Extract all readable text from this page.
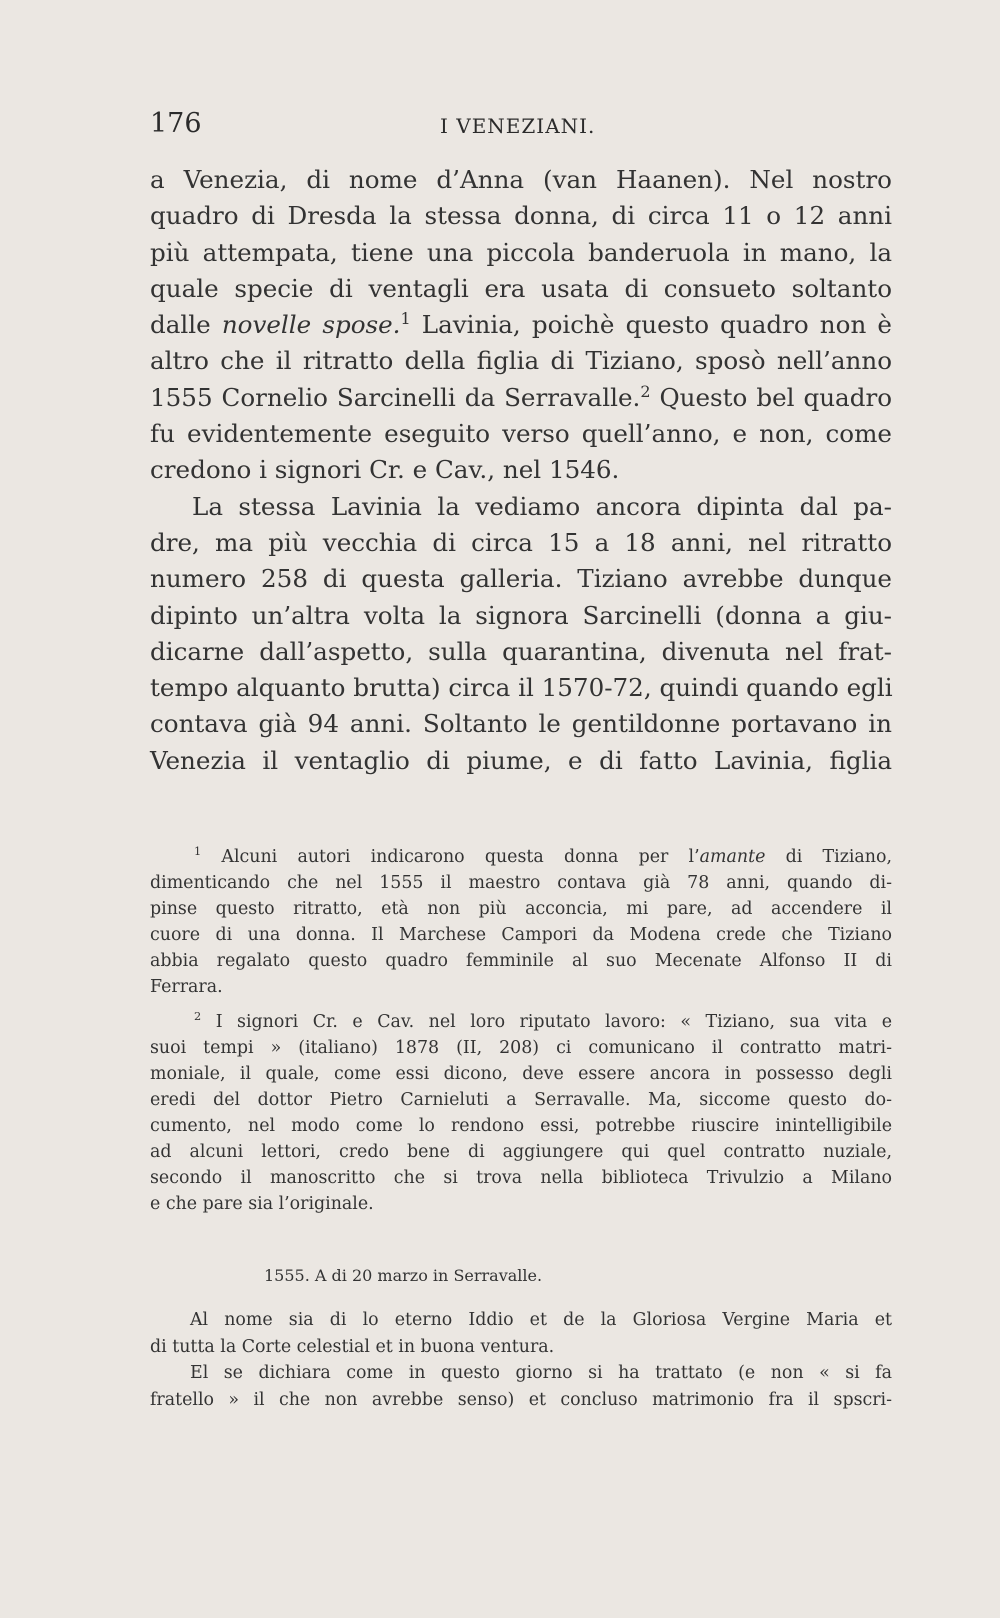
176	I VENEZIANI.
a Venezia, di nome d’Anna (van Haanen). Nel nostro
quadro di Dresda la stessa donna, di circa 11 o 12 anni
più attempata, tiene una piccola banderuola in mano, la
quale specie di ventagli era usata di consueto soltanto
dalle novelle spose.$^1$ Lavinia, poichè questo quadro non è
altro che il ritratto della figlia di Tiziano, sposò nell’anno
1555 Cornelio Sarcinelli da Serravalle.$^2$ Questo bel quadro
fu evidentemente eseguito verso quell’anno, e non, come
credono i signori Cr. e Cav., nel 1546.
La stessa Lavinia la vediamo ancora dipinta dal pa-
dre, ma più vecchia di circa 15 a 18 anni, nel ritratto
numero 258 di questa galleria. Tiziano avrebbe dunque
dipinto un’altra volta la signora Sarcinelli (donna a giu-
dicarne dall’aspetto, sulla quarantina, divenuta nel frat-
tempo alquanto brutta) circa il 1570-72, quindi quando egli
contava già 94 anni. Soltanto le gentildonne portavano in
Venezia il ventaglio di piume, e di fatto Lavinia, figlia
$^1$ Alcuni autori indicarono questa donna per l’amante di Tiziano,
dimenticando che nel 1555 il maestro contava già 78 anni, quando di-
pinse questo ritratto, età non più acconcia, mi pare, ad accendere il
cuore di una donna. Il Marchese Campori da Modena crede che Tiziano
abbia regalato questo quadro femminile al suo Mecenate Alfonso II di
Ferrara.
$^2$ I signori Cr. e Cav. nel loro riputato lavoro: « Tiziano, sua vita e
suoi tempi » (italiano) 1878 (II, 208) ci comunicano il contratto matri-
moniale, il quale, come essi dicono, deve essere ancora in possesso degli
eredi del dottor Pietro Carnieluti a Serravalle. Ma, siccome questo do-
cumento, nel modo come lo rendono essi, potrebbe riuscire inintelligibile
ad alcuni lettori, credo bene di aggiungere qui quel contratto nuziale,
secondo il manoscritto che si trova nella biblioteca Trivulzio a Milano
e che pare sia l’originale.
1555. A di 20 marzo in Serravalle.
Al nome sia di lo eterno Iddio et de la Gloriosa Vergine Maria et
di tutta la Corte celestial et in buona ventura.
El se dichiara come in questo giorno si ha trattato (e non « si fa
fratello » il che non avrebbe senso) et concluso matrimonio fra il spscri-
